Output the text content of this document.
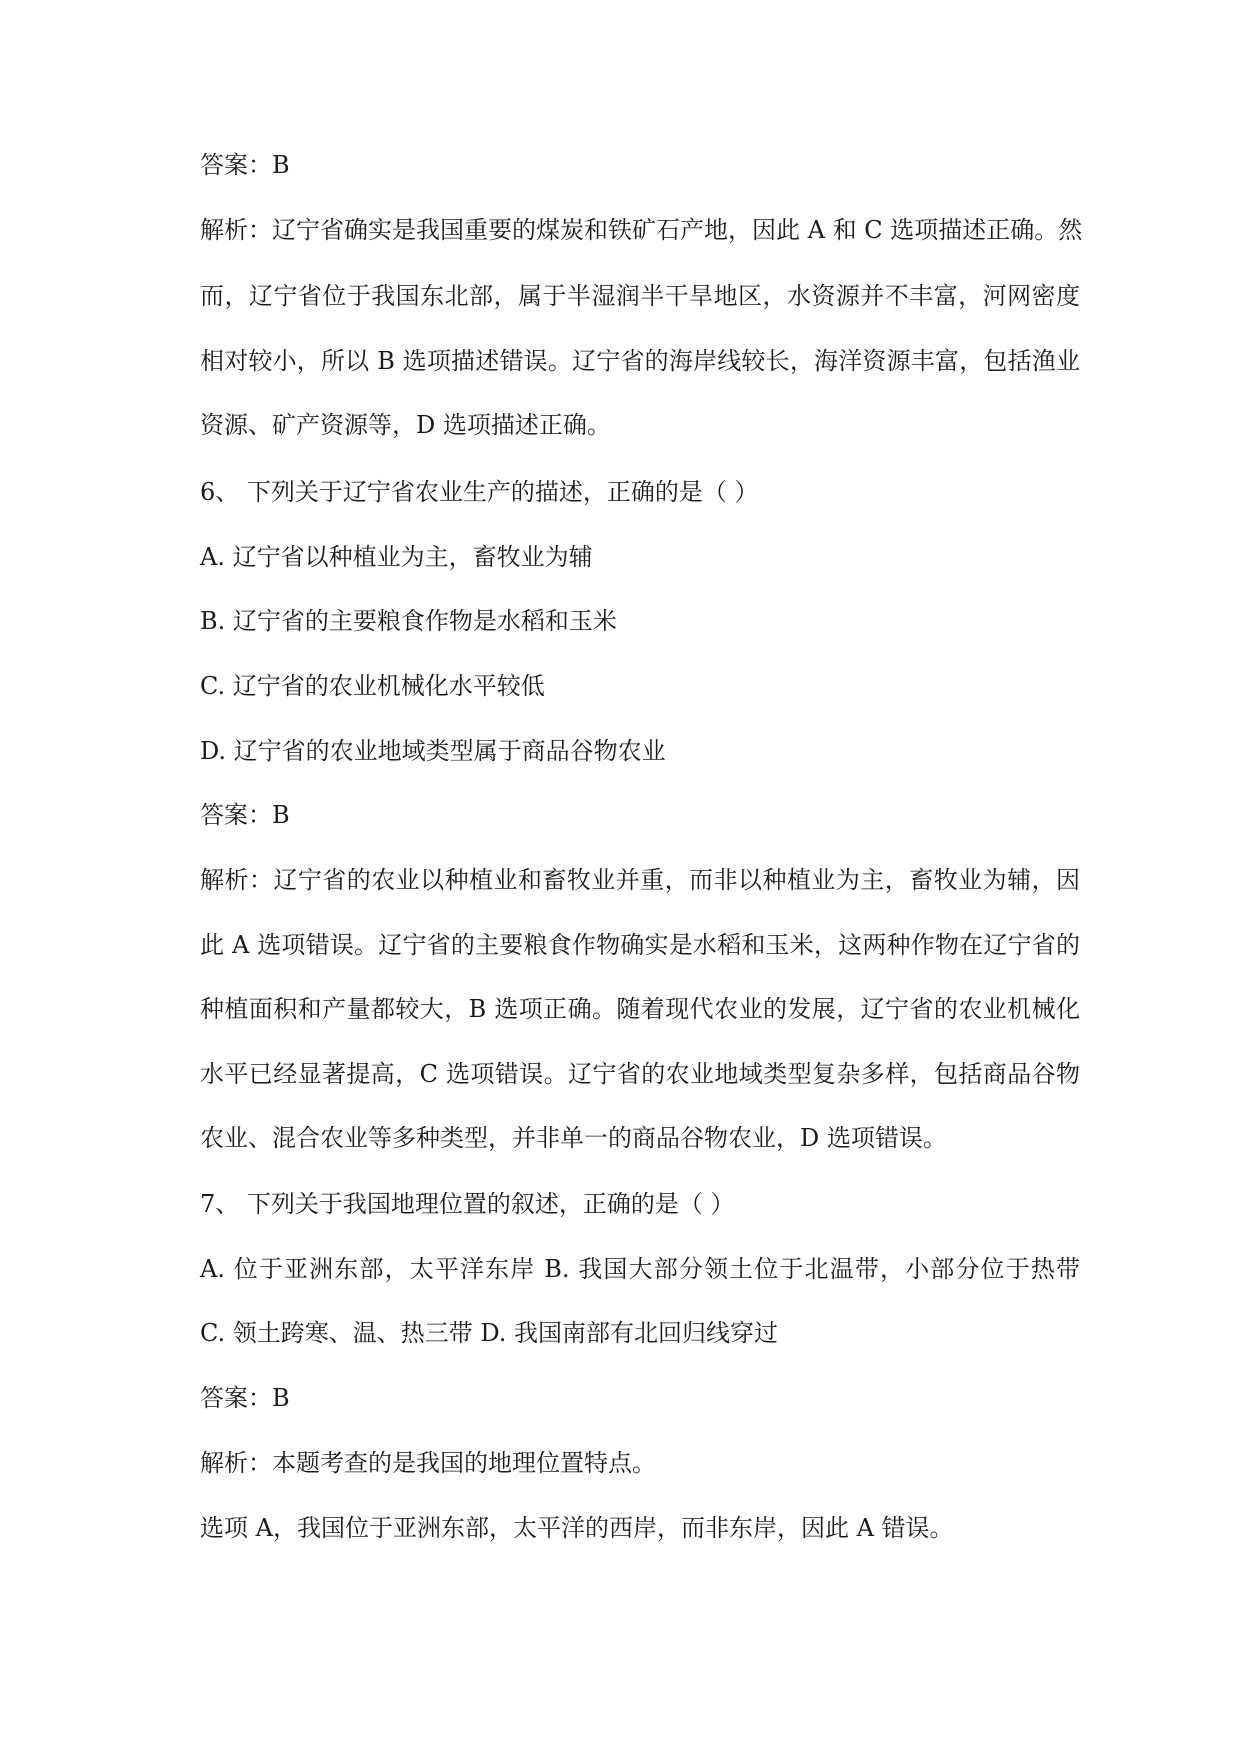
答案：B
解析：辽宁省确实是我国重要的煤炭和铁矿石产地，因此 A 和 C 选项描述正确。然
而，辽宁省位于我国东北部，属于半湿润半干旱地区，水资源并不丰富，河网密度
相对较小，所以 B 选项描述错误。辽宁省的海岸线较长，海洋资源丰富，包括渔业
资源、矿产资源等，D 选项描述正确。
6、 下列关于辽宁省农业生产的描述，正确的是（ ）
A. 辽宁省以种植业为主，畜牧业为辅
B. 辽宁省的主要粮食作物是水稻和玉米
C. 辽宁省的农业机械化水平较低
D. 辽宁省的农业地域类型属于商品谷物农业
答案：B
解析：辽宁省的农业以种植业和畜牧业并重，而非以种植业为主，畜牧业为辅，因
此 A 选项错误。辽宁省的主要粮食作物确实是水稻和玉米，这两种作物在辽宁省的
种植面积和产量都较大，B 选项正确。随着现代农业的发展，辽宁省的农业机械化
水平已经显著提高，C 选项错误。辽宁省的农业地域类型复杂多样，包括商品谷物
农业、混合农业等多种类型，并非单一的商品谷物农业，D 选项错误。
7、 下列关于我国地理位置的叙述，正确的是（ ）
A. 位于亚洲东部，太平洋东岸 B. 我国大部分领土位于北温带，小部分位于热带
C. 领土跨寒、温、热三带 D. 我国南部有北回归线穿过
答案：B
解析：本题考查的是我国的地理位置特点。
选项 A，我国位于亚洲东部，太平洋的西岸，而非东岸，因此 A 错误。
